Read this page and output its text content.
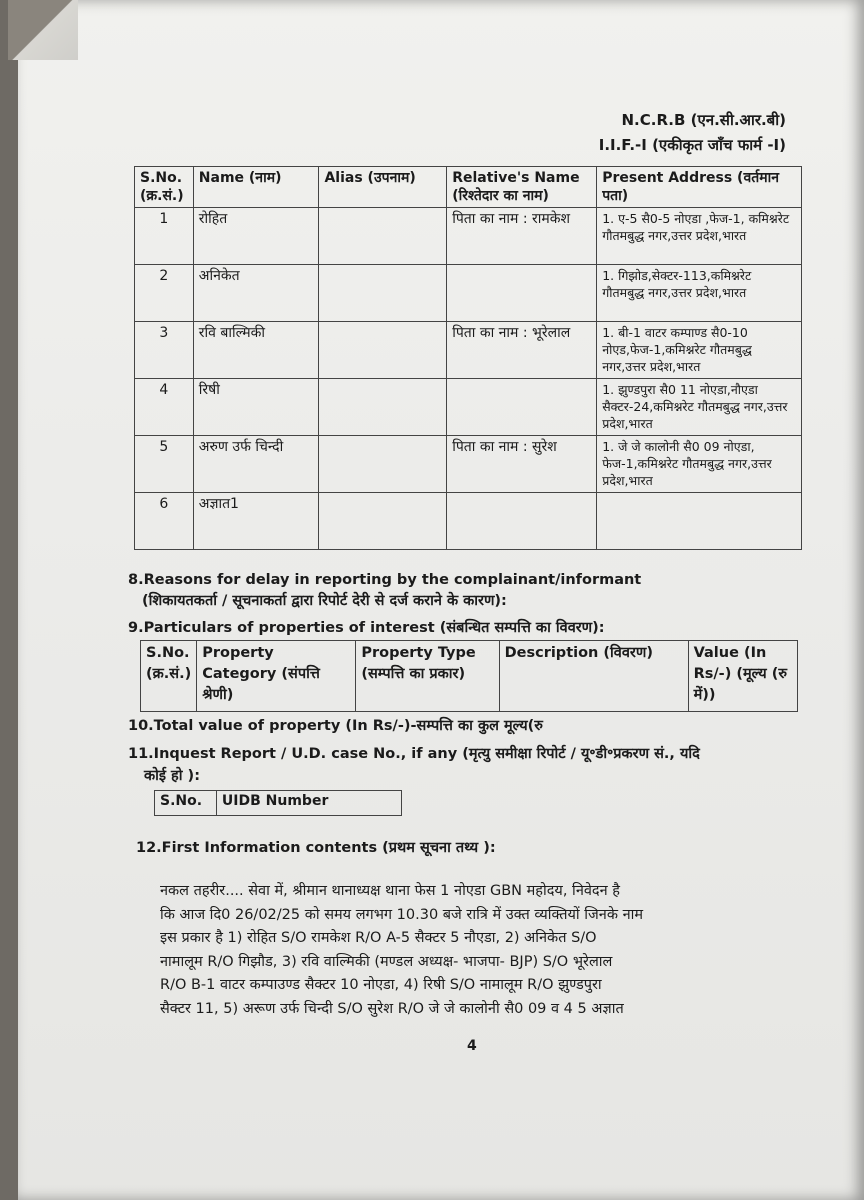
N.C.R.B (एन.सी.आर.बी)
I.I.F.-I (एकीकृत जाँच फार्म -I)
S.No. (क्र.सं.)	Name (नाम)	Alias (उपनाम)	Relative's Name (रिश्तेदार का नाम)	Present Address (वर्तमान पता)
1	रोहित		पिता का नाम : रामकेश	1. ए-5 सै0-5 नोएडा ,फेज-1, कमिश्नरेट गौतमबुद्ध नगर,उत्तर प्रदेश,भारत
2	अनिकेत			1. गिझोड,सेक्टर-113,कमिश्नरेट गौतमबुद्ध नगर,उत्तर प्रदेश,भारत
3	रवि बाल्मिकी		पिता का नाम : भूरेलाल	1. बी-1 वाटर कम्पाण्ड सै0-10 नोएड,फेज-1,कमिश्नरेट गौतमबुद्ध नगर,उत्तर प्रदेश,भारत
4	रिषी			1. झुण्डपुरा सै0 11 नोएडा,नौएडा सैक्टर-24,कमिश्नरेट गौतमबुद्ध नगर,उत्तर प्रदेश,भारत
5	अरुण उर्फ चिन्दी		पिता का नाम : सुरेश	1. जे जे कालोनी सै0 09 नोएडा, फेज-1,कमिश्नरेट गौतमबुद्ध नगर,उत्तर प्रदेश,भारत
6	अज्ञात1			
8.Reasons for delay in reporting by the complainant/informant
(शिकायतकर्ता / सूचनाकर्ता द्वारा रिपोर्ट देरी से दर्ज कराने के कारण):
9.Particulars of properties of interest (संबन्धित सम्पत्ति का विवरण):
S.No. (क्र.सं.)	Property Category (संपत्ति श्रेणी)	Property Type (सम्पत्ति का प्रकार)	Description (विवरण)	Value (In Rs/-) (मूल्य (रु में))
10.Total value of property (In Rs/-)-सम्पत्ति का कुल मूल्य(रु
11.Inquest Report / U.D. case No., if any (मृत्यु समीक्षा रिपोर्ट / यू॰डी॰प्रकरण सं., यदि
कोई हो ):
S.No.	UIDB Number
12.First Information contents (प्रथम सूचना तथ्य ):
नकल तहरीर.... सेवा में, श्रीमान थानाध्यक्ष थाना फेस 1 नोएडा GBN महोदय, निवेदन है
कि आज दि0 26/02/25 को समय लगभग 10.30 बजे रात्रि में उक्त व्यक्तियों जिनके नाम
इस प्रकार है 1) रोहित S/O रामकेश R/O A-5 सैक्टर 5 नौएडा, 2) अनिकेत S/O
नामालूम R/O गिझौड, 3) रवि वाल्मिकी (मण्डल अध्यक्ष- भाजपा- BJP) S/O भूरेलाल
R/O B-1 वाटर कम्पाउण्ड सैक्टर 10 नोएडा, 4) रिषी S/O नामालूम R/O झुण्डपुरा
सैक्टर 11, 5) अरूण उर्फ चिन्दी S/O सुरेश R/O जे जे कालोनी सै0 09 व 4 5 अज्ञात
4
